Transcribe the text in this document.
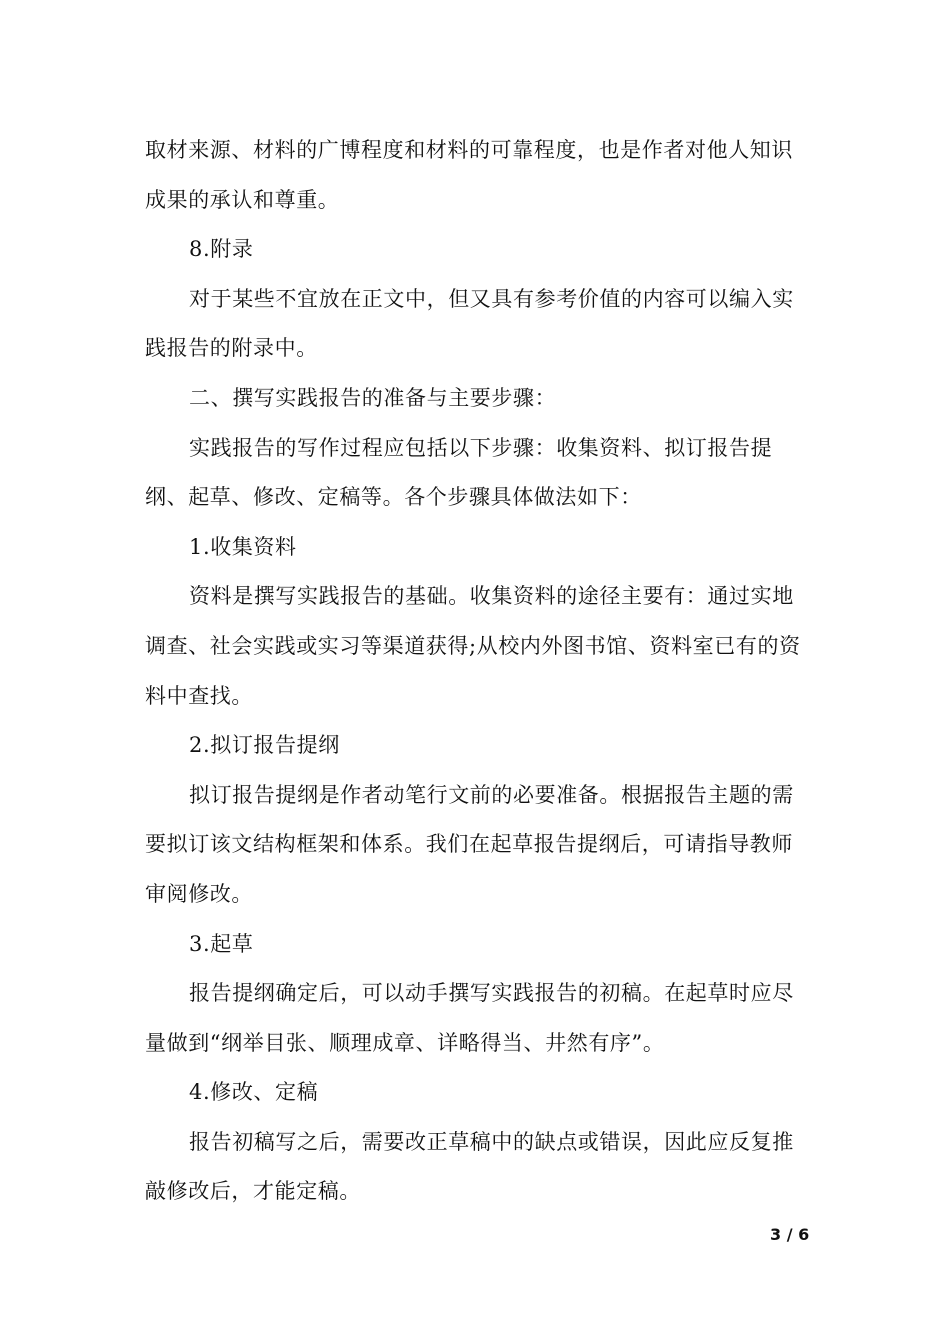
取材来源、材料的广博程度和材料的可靠程度，也是作者对他人知识成果的承认和尊重。

8.附录

对于某些不宜放在正文中，但又具有参考价值的内容可以编入实践报告的附录中。

二、撰写实践报告的准备与主要步骤：

实践报告的写作过程应包括以下步骤：收集资料、拟订报告提纲、起草、修改、定稿等。各个步骤具体做法如下：

1.收集资料

资料是撰写实践报告的基础。收集资料的途径主要有：通过实地调查、社会实践或实习等渠道获得;从校内外图书馆、资料室已有的资料中查找。

2.拟订报告提纲

拟订报告提纲是作者动笔行文前的必要准备。根据报告主题的需要拟订该文结构框架和体系。我们在起草报告提纲后，可请指导教师审阅修改。

3.起草

报告提纲确定后，可以动手撰写实践报告的初稿。在起草时应尽量做到“纲举目张、顺理成章、详略得当、井然有序”。

4.修改、定稿

报告初稿写之后，需要改正草稿中的缺点或错误，因此应反复推敲修改后，才能定稿。

3 / 6
